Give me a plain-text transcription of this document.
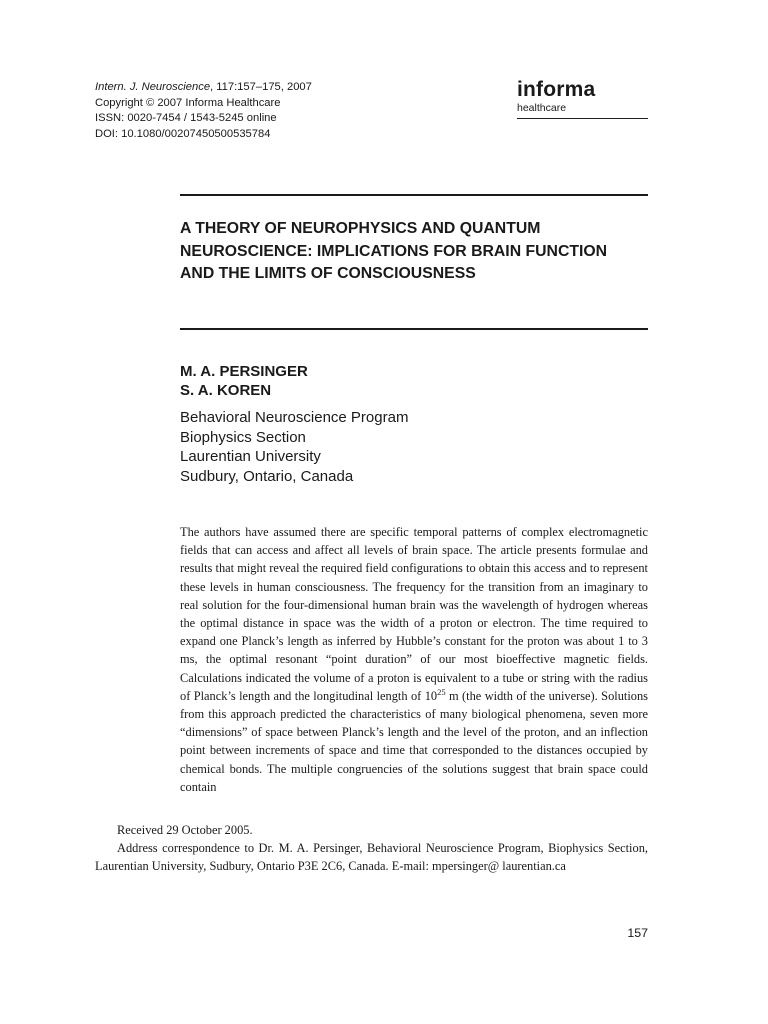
Intern. J. Neuroscience, 117:157–175, 2007
Copyright © 2007 Informa Healthcare
ISSN: 0020-7454 / 1543-5245 online
DOI: 10.1080/00207450500535784
informa
healthcare
A THEORY OF NEUROPHYSICS AND QUANTUM NEUROSCIENCE: IMPLICATIONS FOR BRAIN FUNCTION AND THE LIMITS OF CONSCIOUSNESS
M. A. PERSINGER
S. A. KOREN
Behavioral Neuroscience Program
Biophysics Section
Laurentian University
Sudbury, Ontario, Canada

The authors have assumed there are specific temporal patterns of complex electromagnetic fields that can access and affect all levels of brain space. The article presents formulae and results that might reveal the required field configurations to obtain this access and to represent these levels in human consciousness. The frequency for the transition from an imaginary to real solution for the four-dimensional human brain was the wavelength of hydrogen whereas the optimal distance in space was the width of a proton or electron. The time required to expand one Planck’s length as inferred by Hubble’s constant for the proton was about 1 to 3 ms, the optimal resonant “point duration” of our most bioeffective magnetic fields. Calculations indicated the volume of a proton is equivalent to a tube or string with the radius of Planck’s length and the longitudinal length of $10^{25}$ m (the width of the universe). Solutions from this approach predicted the characteristics of many biological phenomena, seven more “dimensions” of space between Planck’s length and the level of the proton, and an inflection point between increments of space and time that corresponded to the distances occupied by chemical bonds. The multiple congruencies of the solutions suggest that brain space could contain

Received 29 October 2005.

Address correspondence to Dr. M. A. Persinger, Behavioral Neuroscience Program, Biophysics Section, Laurentian University, Sudbury, Ontario P3E 2C6, Canada. E-mail: mpersinger@ laurentian.ca

157
